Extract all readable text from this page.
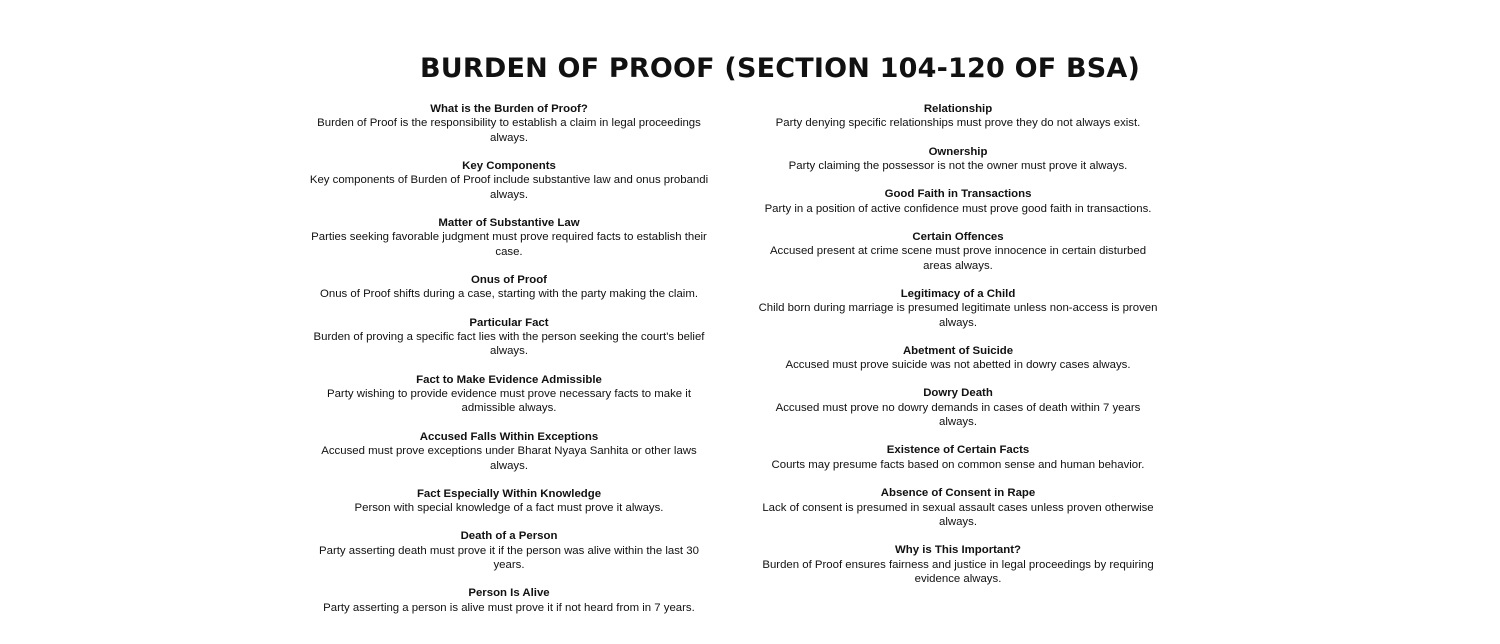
BURDEN OF PROOF (SECTION 104-120 OF BSA)
What is the Burden of Proof?
Burden of Proof is the responsibility to establish a claim in legal proceedings always.
Key Components
Key components of Burden of Proof include substantive law and onus probandi always.
Matter of Substantive Law
Parties seeking favorable judgment must prove required facts to establish their case.
Onus of Proof
Onus of Proof shifts during a case, starting with the party making the claim.
Particular Fact
Burden of proving a specific fact lies with the person seeking the court's belief always.
Fact to Make Evidence Admissible
Party wishing to provide evidence must prove necessary facts to make it admissible always.
Accused Falls Within Exceptions
Accused must prove exceptions under Bharat Nyaya Sanhita or other laws always.
Fact Especially Within Knowledge
Person with special knowledge of a fact must prove it always.
Death of a Person
Party asserting death must prove it if the person was alive within the last 30 years.
Person Is Alive
Party asserting a person is alive must prove it if not heard from in 7 years.
Relationship
Party denying specific relationships must prove they do not always exist.
Ownership
Party claiming the possessor is not the owner must prove it always.
Good Faith in Transactions
Party in a position of active confidence must prove good faith in transactions.
Certain Offences
Accused present at crime scene must prove innocence in certain disturbed areas always.
Legitimacy of a Child
Child born during marriage is presumed legitimate unless non-access is proven always.
Abetment of Suicide
Accused must prove suicide was not abetted in dowry cases always.
Dowry Death
Accused must prove no dowry demands in cases of death within 7 years always.
Existence of Certain Facts
Courts may presume facts based on common sense and human behavior.
Absence of Consent in Rape
Lack of consent is presumed in sexual assault cases unless proven otherwise always.
Why is This Important?
Burden of Proof ensures fairness and justice in legal proceedings by requiring evidence always.
